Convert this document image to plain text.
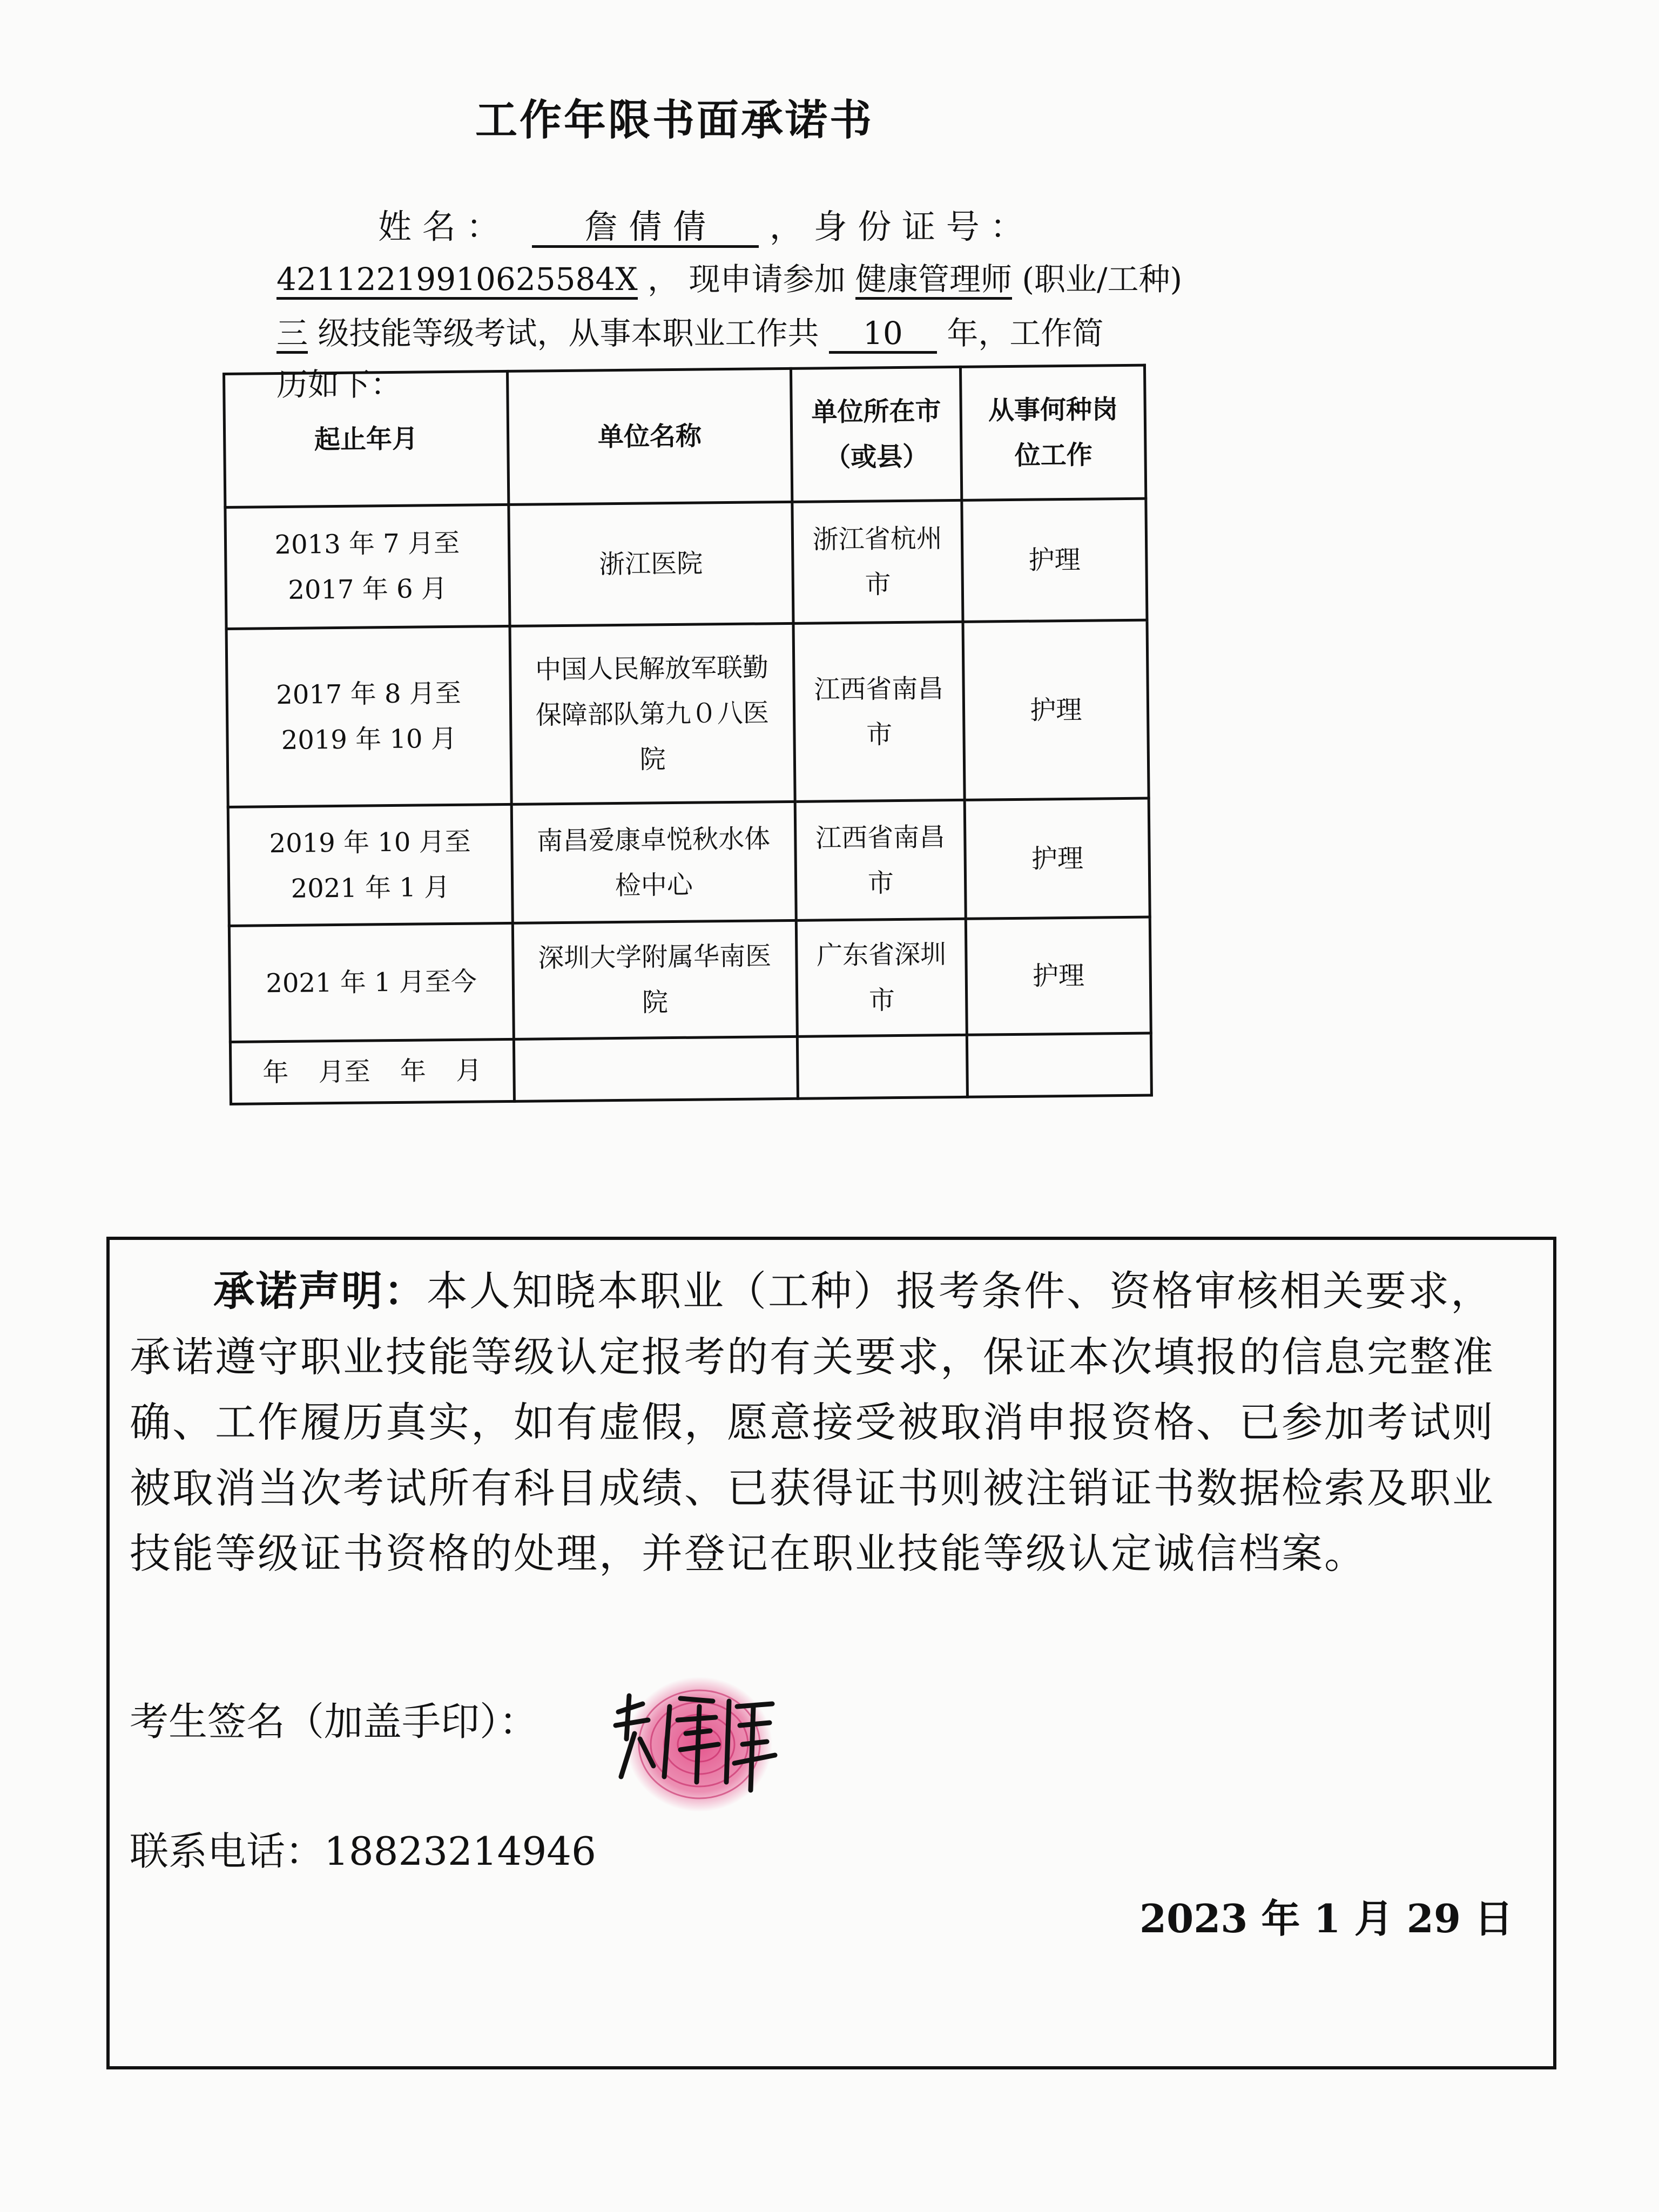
工作年限书面承诺书
姓 名 ：	詹 倩 倩 ， 身 份 证 号 ：
42112219910625584X ， 现申请参加 健康管理师 (职业/工种)
三 级技能等级考试，从事本职业工作共 10 年，工作简
历如下：
起止年月	单位名称	单位所在市（或县）	从事何种岗位工作

2013 年 7 月至 2017 年 6 月	浙江医院	浙江省杭州市	护理

2017 年 8 月至 2019 年 10 月	中国人民解放军联勤保障部队第九０八医院	江西省南昌市	护理

2019 年 10 月至 2021 年 1 月	南昌爱康卓悦秋水体检中心	江西省南昌市	护理

2021 年 1 月至今	深圳大学附属华南医院	广东省深圳市	护理

年 月至 年 月			

承诺声明：本人知晓本职业（工种）报考条件、资格审核相关要求，承诺遵守职业技能等级认定报考的有关要求，保证本次填报的信息完整准确、工作履历真实，如有虚假，愿意接受被取消申报资格、已参加考试则被取消当次考试所有科目成绩、已获得证书则被注销证书数据检索及职业技能等级证书资格的处理，并登记在职业技能等级认定诚信档案。
考生签名（加盖手印）：
联系电话：18823214946
2023 年 1 月 29 日
